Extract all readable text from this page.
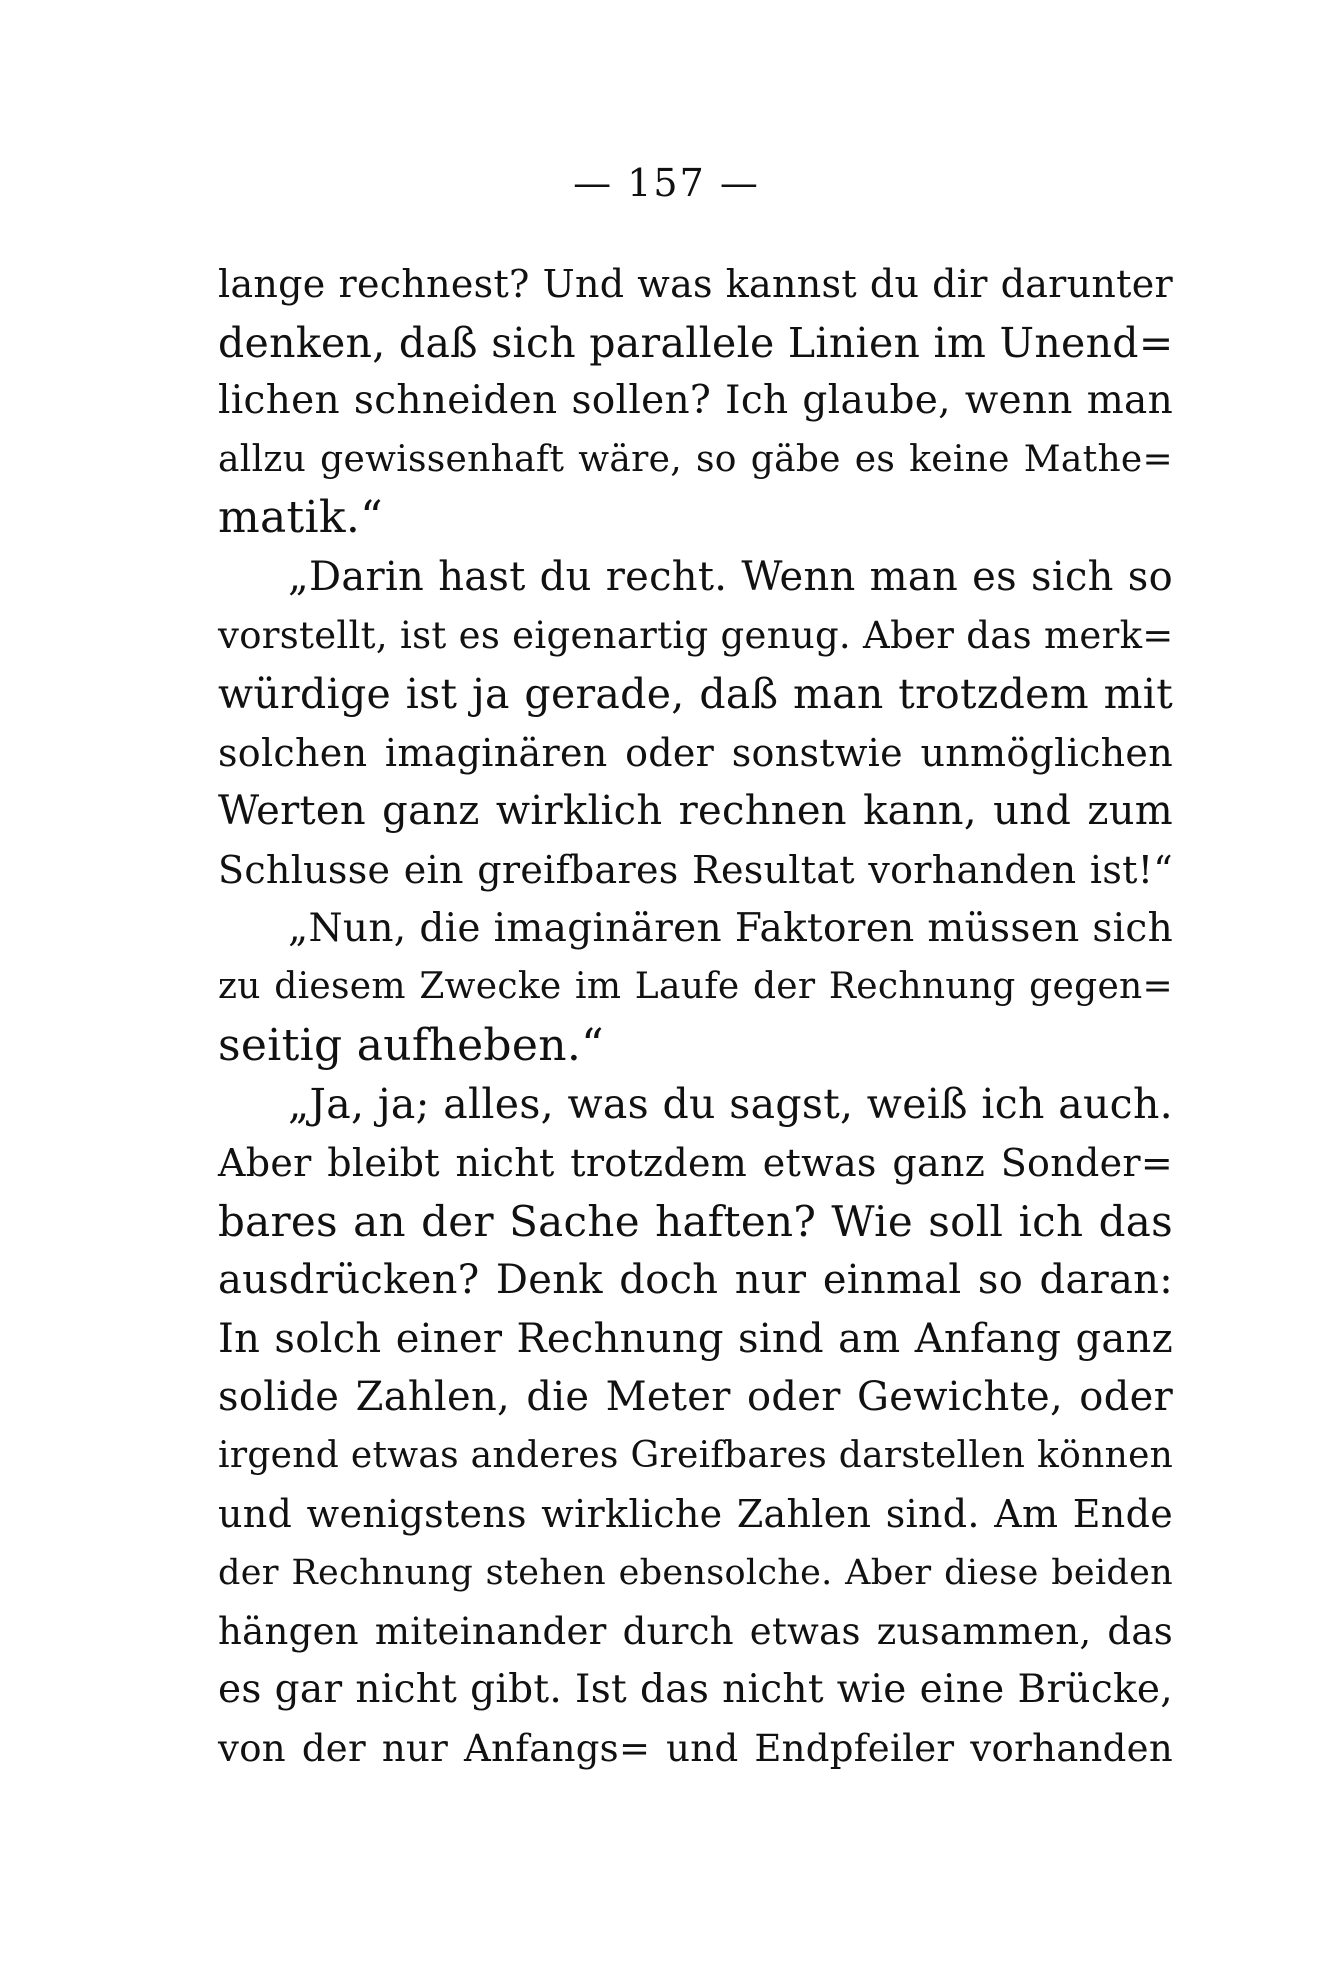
— 157 —
lange rechnest? Und was kannst du dir darunter
denken, daß sich parallele Linien im Unend=
lichen schneiden sollen? Ich glaube, wenn man
allzu gewissenhaft wäre, so gäbe es keine Mathe=
matik.“
„Darin hast du recht. Wenn man es sich so
vorstellt, ist es eigenartig genug. Aber das merk=
würdige ist ja gerade, daß man trotzdem mit
solchen imaginären oder sonstwie unmöglichen
Werten ganz wirklich rechnen kann, und zum
Schlusse ein greifbares Resultat vorhanden ist!“
„Nun, die imaginären Faktoren müssen sich
zu diesem Zwecke im Laufe der Rechnung gegen=
seitig aufheben.“
„Ja, ja; alles, was du sagst, weiß ich auch.
Aber bleibt nicht trotzdem etwas ganz Sonder=
bares an der Sache haften? Wie soll ich das
ausdrücken? Denk doch nur einmal so daran:
In solch einer Rechnung sind am Anfang ganz
solide Zahlen, die Meter oder Gewichte, oder
irgend etwas anderes Greifbares darstellen können
und wenigstens wirkliche Zahlen sind. Am Ende
der Rechnung stehen ebensolche. Aber diese beiden
hängen miteinander durch etwas zusammen, das
es gar nicht gibt. Ist das nicht wie eine Brücke,
von der nur Anfangs= und Endpfeiler vorhanden
